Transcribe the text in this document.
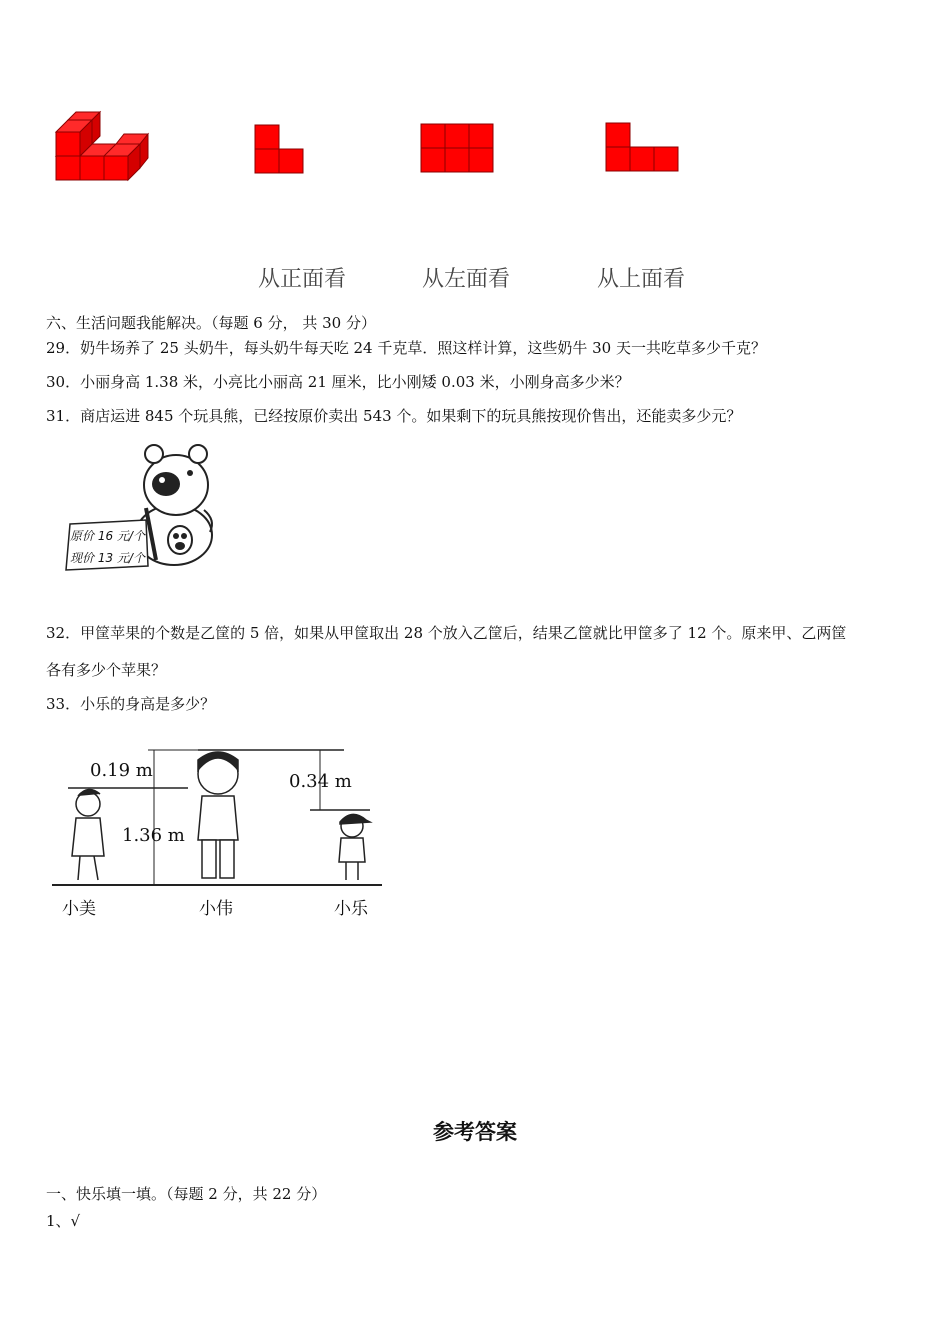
从正面看	从左面看	从上面看
六、生活问题我能解决。（每题 6 分， 共 30 分）
29．奶牛场养了 25 头奶牛，每头奶牛每天吃 24 千克草．照这样计算，这些奶牛 30 天一共吃草多少千克？
30．小丽身高 1.38 米，小亮比小丽高 21 厘米，比小刚矮 0.03 米，小刚身高多少米？
31．商店运进 845 个玩具熊，已经按原价卖出 543 个。如果剩下的玩具熊按现价售出，还能卖多少元？
原价 16 元/个
现价 13 元/个
32．甲筐苹果的个数是乙筐的 5 倍，如果从甲筐取出 28 个放入乙筐后，结果乙筐就比甲筐多了 12 个。原来甲、乙两筐
各有多少个苹果？
33．小乐的身高是多少？
0.19 m
1.36 m
0.34 m
小美	小伟	小乐
参考答案
一、快乐填一填。（每题 2 分，共 22 分）
1、√
